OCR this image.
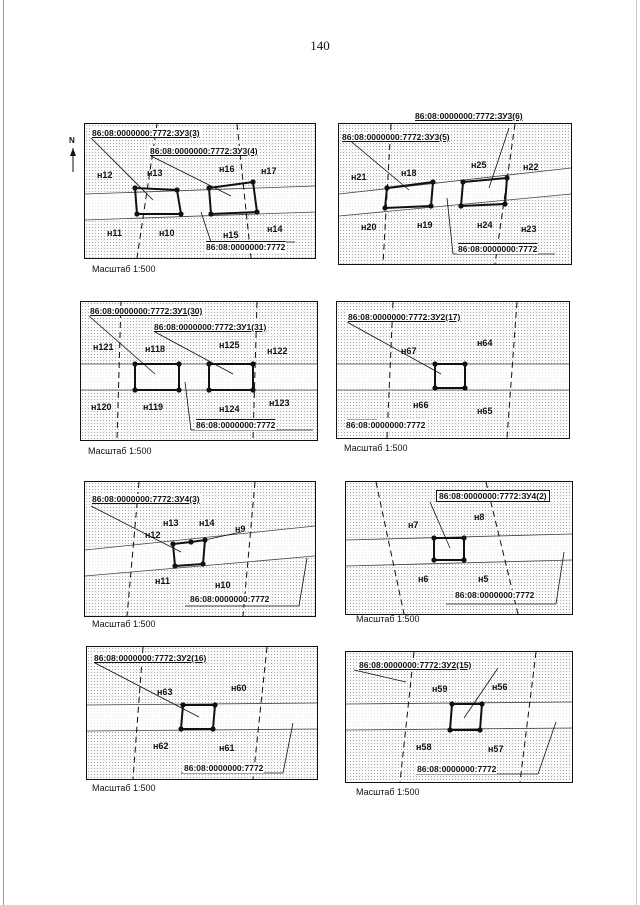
140
N
86:08:0000000:7772:ЗУ3(3)
86:08:0000000:7772:ЗУ3(4)
86:08:0000000:7772
н12	н13	н16	н17
н11	н10	н15
н14
Масштаб 1:500
86:08:0000000:7772:ЗУ3(5)
86:08:0000000:7772
н21	н18
н25	н22
н20	н19	н24	н23
86:08:0000000:7772:ЗУ3(6)
86:08:0000000:7772:ЗУ1(30)
86:08:0000000:7772:ЗУ1(31)
86:08:0000000:7772
н121	н118	н125
н122
н120	н119	н124
н123
Масштаб 1:500
86:08:0000000:7772:ЗУ2(17)
86:08:0000000:7772
н67
н64
н66
н65
Масштаб 1:500
86:08:0000000:7772:ЗУ4(3)
86:08:0000000:7772
н12
н13 н14
н9
н11	н10
Масштаб 1:500
86:08:0000000:7772:ЗУ4(2)
86:08:0000000:7772
н7
н8
н6	н5
Масштаб 1:500
86:08:0000000:7772:ЗУ2(16)
86:08:0000000:7772
н63	н60
н62	н61
Масштаб 1:500
86:08:0000000:7772:ЗУ2(15)
86:08:0000000:7772
н59	н56
н58	н57
Масштаб 1:500
